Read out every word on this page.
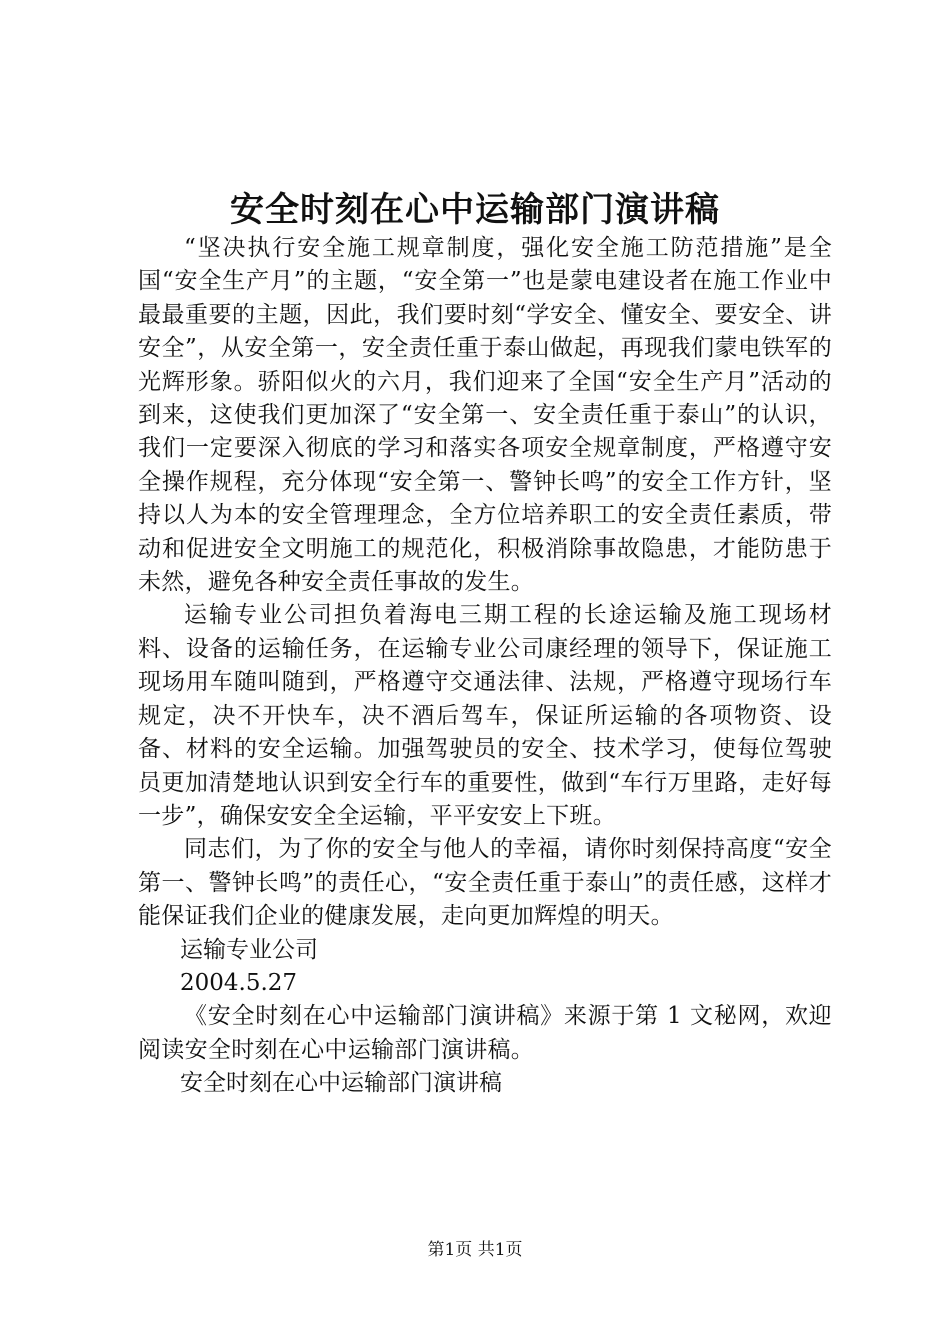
安全时刻在心中运输部门演讲稿

“坚决执行安全施工规章制度，强化安全施工防范措施”是全国“安全生产月”的主题，“安全第一”也是蒙电建设者在施工作业中最最重要的主题，因此，我们要时刻“学安全、懂安全、要安全、讲安全”，从安全第一，安全责任重于泰山做起，再现我们蒙电铁军的光辉形象。骄阳似火的六月，我们迎来了全国“安全生产月”活动的到来，这使我们更加深了“安全第一、安全责任重于泰山”的认识，我们一定要深入彻底的学习和落实各项安全规章制度，严格遵守安全操作规程，充分体现“安全第一、警钟长鸣”的安全工作方针，坚持以人为本的安全管理理念，全方位培养职工的安全责任素质，带动和促进安全文明施工的规范化，积极消除事故隐患，才能防患于未然，避免各种安全责任事故的发生。

运输专业公司担负着海电三期工程的长途运输及施工现场材料、设备的运输任务，在运输专业公司康经理的领导下，保证施工现场用车随叫随到，严格遵守交通法律、法规，严格遵守现场行车规定，决不开快车，决不酒后驾车，保证所运输的各项物资、设备、材料的安全运输。加强驾驶员的安全、技术学习，使每位驾驶员更加清楚地认识到安全行车的重要性，做到“车行万里路，走好每一步”，确保安安全全运输，平平安安上下班。

同志们，为了你的安全与他人的幸福，请你时刻保持高度“安全第一、警钟长鸣”的责任心，“安全责任重于泰山”的责任感，这样才能保证我们企业的健康发展，走向更加辉煌的明天。

运输专业公司

2004.5.27

《安全时刻在心中运输部门演讲稿》来源于第 1 文秘网，欢迎阅读安全时刻在心中运输部门演讲稿。

安全时刻在心中运输部门演讲稿

第1页 共1页
